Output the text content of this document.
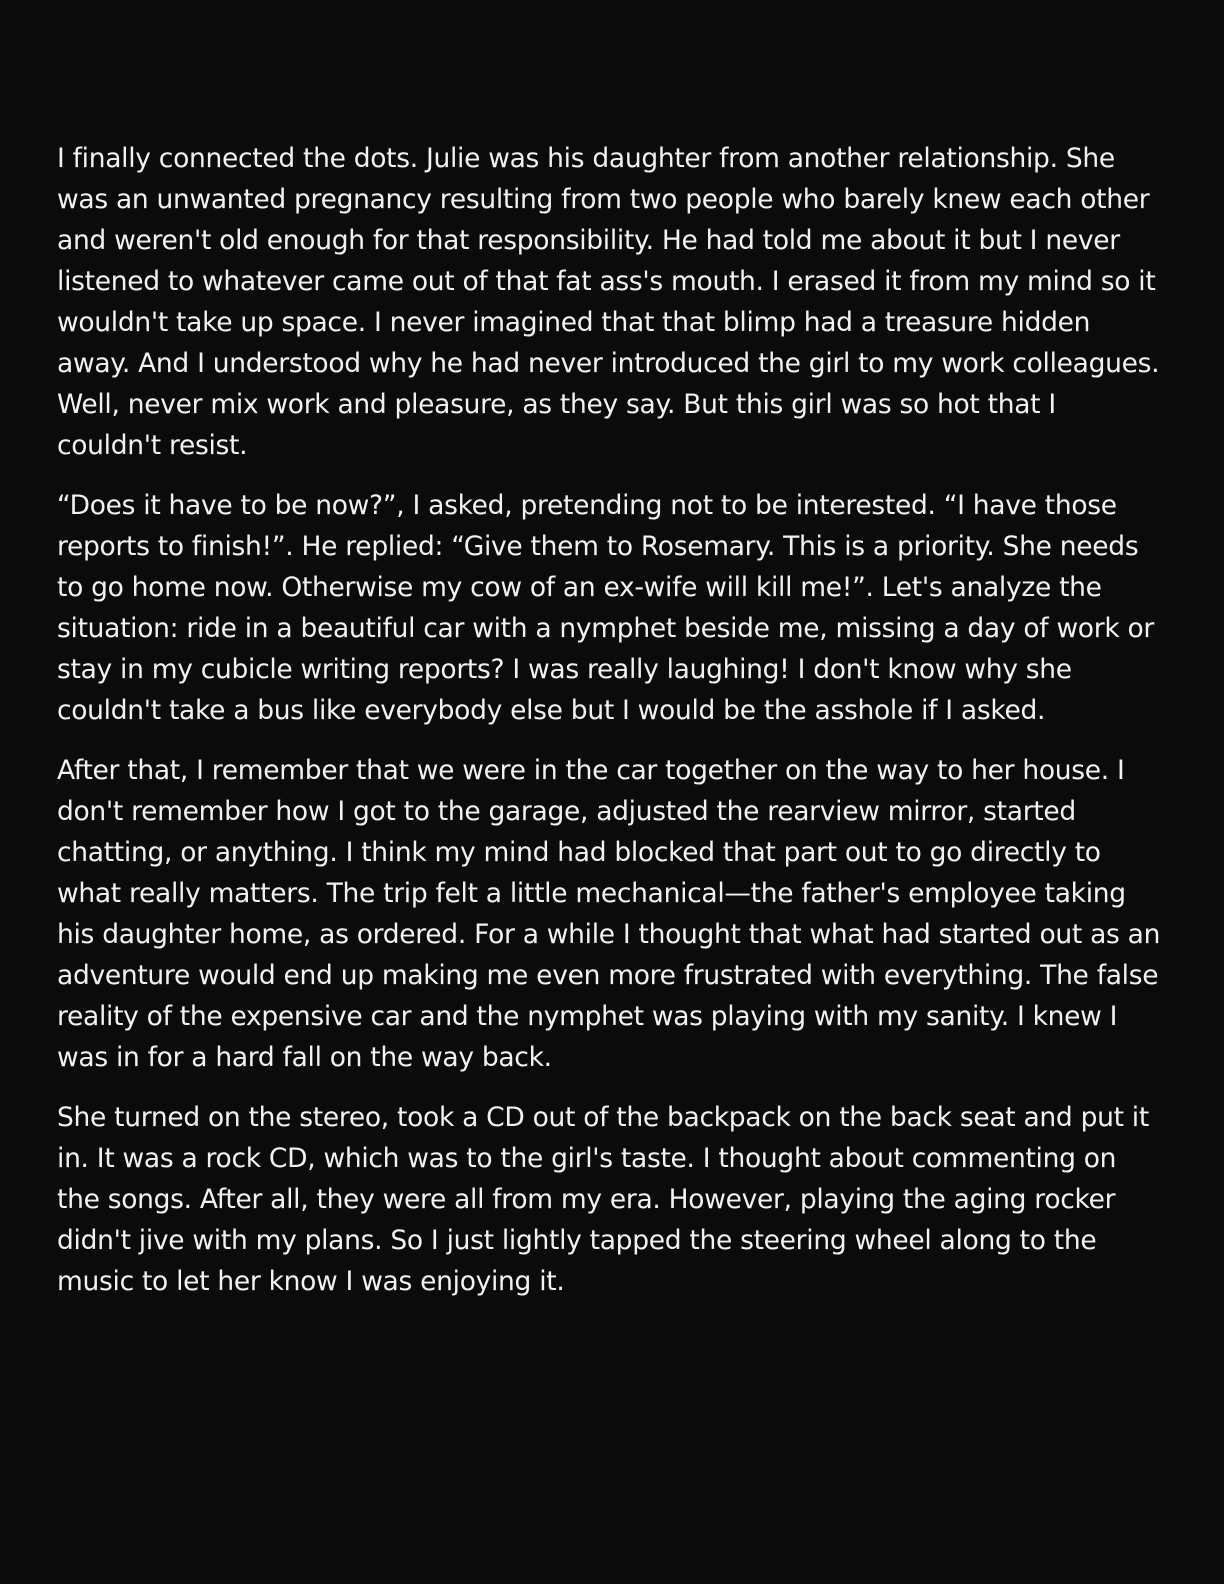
I finally connected the dots. Julie was his daughter from another relationship. She was an unwanted pregnancy resulting from two people who barely knew each other and weren't old enough for that responsibility. He had told me about it but I never listened to whatever came out of that fat ass's mouth. I erased it from my mind so it wouldn't take up space. I never imagined that that blimp had a treasure hidden away. And I understood why he had never introduced the girl to my work colleagues. Well, never mix work and pleasure, as they say. But this girl was so hot that I couldn't resist.

“Does it have to be now?”, I asked, pretending not to be interested. “I have those reports to finish!”. He replied: “Give them to Rosemary. This is a priority. She needs to go home now. Otherwise my cow of an ex-wife will kill me!”. Let's analyze the situation: ride in a beautiful car with a nymphet beside me, missing a day of work or stay in my cubicle writing reports? I was really laughing! I don't know why she couldn't take a bus like everybody else but I would be the asshole if I asked.

After that, I remember that we were in the car together on the way to her house. I don't remember how I got to the garage, adjusted the rearview mirror, started chatting, or anything. I think my mind had blocked that part out to go directly to what really matters. The trip felt a little mechanical—the father's employee taking his daughter home, as ordered. For a while I thought that what had started out as an adventure would end up making me even more frustrated with everything. The false reality of the expensive car and the nymphet was playing with my sanity. I knew I was in for a hard fall on the way back.

She turned on the stereo, took a CD out of the backpack on the back seat and put it in. It was a rock CD, which was to the girl's taste. I thought about commenting on the songs. After all, they were all from my era. However, playing the aging rocker didn't jive with my plans. So I just lightly tapped the steering wheel along to the music to let her know I was enjoying it.
